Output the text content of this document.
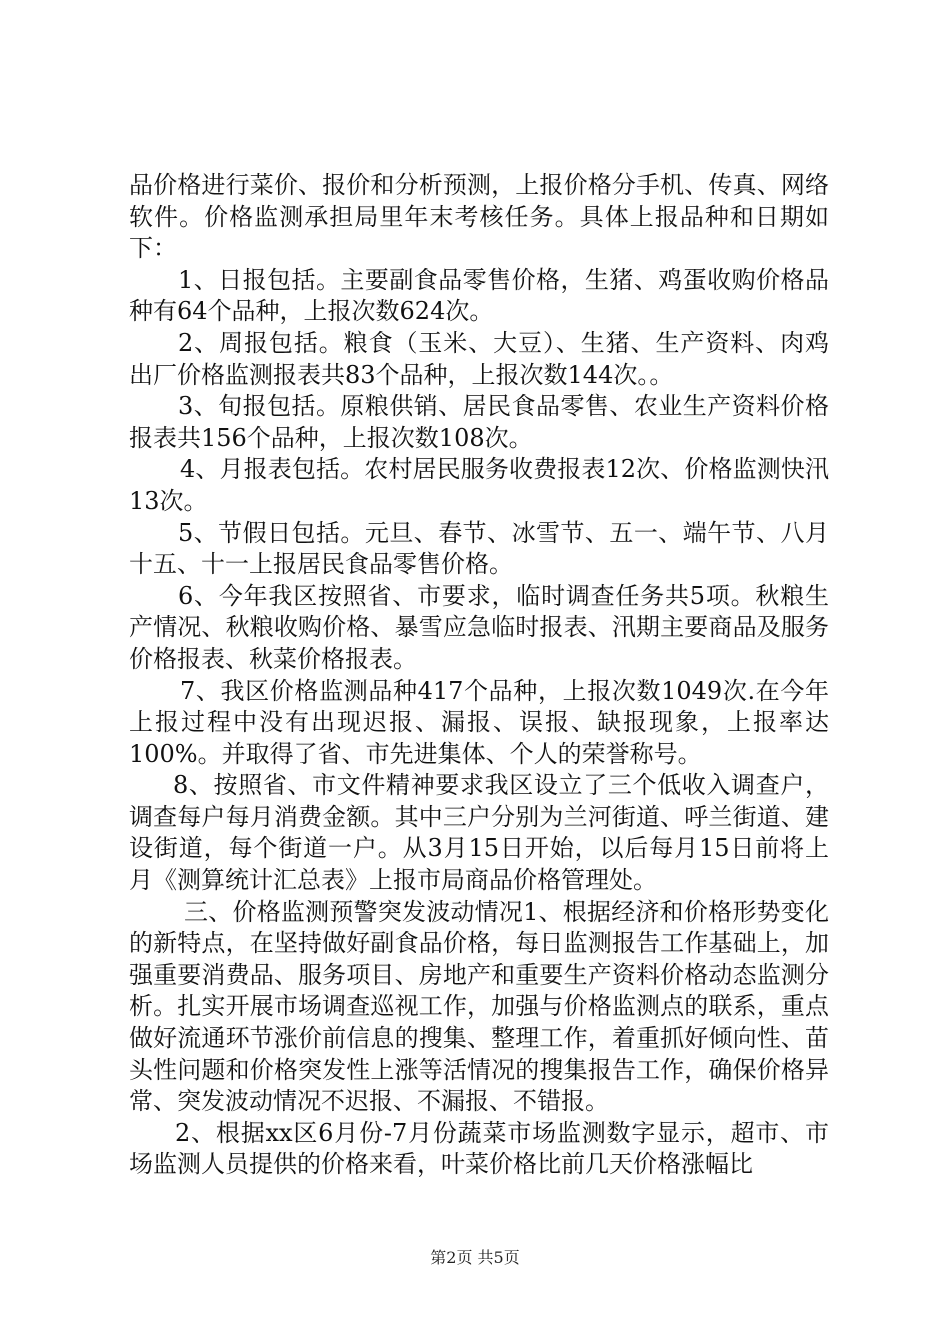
品价格进行菜价、报价和分析预测，上报价格分手机、传真、网络软件。价格监测承担局里年末考核任务。具体上报品种和日期如下：

1、日报包括。主要副食品零售价格，生猪、鸡蛋收购价格品种有64个品种，上报次数624次。

2、周报包括。粮食（玉米、大豆）、生猪、生产资料、肉鸡出厂价格监测报表共83个品种，上报次数144次。。

3、旬报包括。原粮供销、居民食品零售、农业生产资料价格报表共156个品种，上报次数108次。

4、月报表包括。农村居民服务收费报表12次、价格监测快汛13次。

5、节假日包括。元旦、春节、冰雪节、五一、端午节、八月十五、十一上报居民食品零售价格。

6、今年我区按照省、市要求，临时调查任务共5项。秋粮生产情况、秋粮收购价格、暴雪应急临时报表、汛期主要商品及服务价格报表、秋菜价格报表。

7、我区价格监测品种417个品种，上报次数1049次.在今年上报过程中没有出现迟报、漏报、误报、缺报现象，上报率达100%。并取得了省、市先进集体、个人的荣誉称号。

8、按照省、市文件精神要求我区设立了三个低收入调查户，调查每户每月消费金额。其中三户分别为兰河街道、呼兰街道、建设街道，每个街道一户。从3月15日开始，以后每月15日前将上月《测算统计汇总表》上报市局商品价格管理处。

三、价格监测预警突发波动情况1、根据经济和价格形势变化的新特点，在坚持做好副食品价格，每日监测报告工作基础上，加强重要消费品、服务项目、房地产和重要生产资料价格动态监测分析。扎实开展市场调查巡视工作，加强与价格监测点的联系，重点做好流通环节涨价前信息的搜集、整理工作，着重抓好倾向性、苗头性问题和价格突发性上涨等活情况的搜集报告工作，确保价格异常、突发波动情况不迟报、不漏报、不错报。

2、根据xx区6月份-7月份蔬菜市场监测数字显示，超市、市场监测人员提供的价格来看，叶菜价格比前几天价格涨幅比

第2页 共5页
